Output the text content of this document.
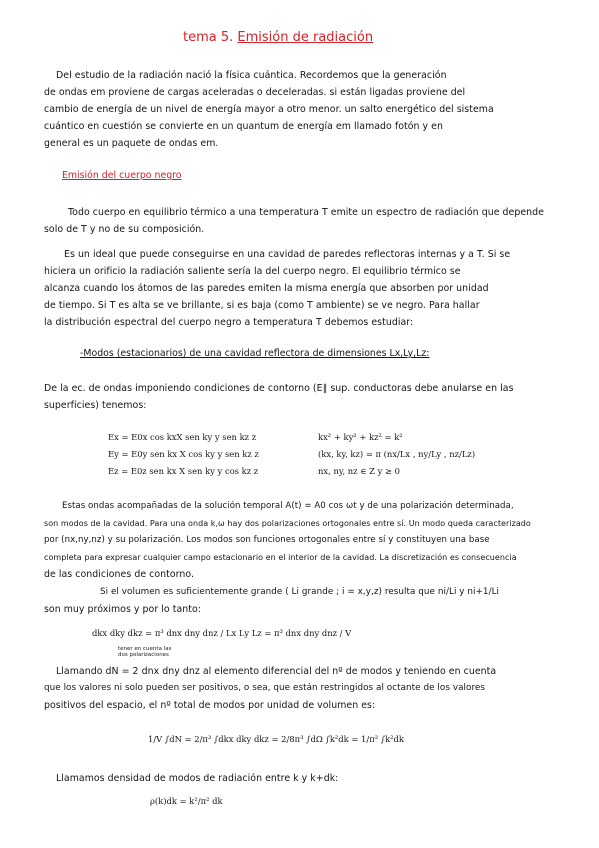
tema 5. Emisión de radiación
Del estudio de la radiación nació la física cuántica. Recordemos que la generación
de ondas em proviene de cargas aceleradas o deceleradas. si están ligadas proviene del
cambio de energía de un nivel de energía mayor a otro menor. un salto energético del sistema
cuántico en cuestión se convierte en un quantum de energía em llamado fotón y en
general es un paquete de ondas em.
Emisión del cuerpo negro
Todo cuerpo en equilibrio térmico a una temperatura T emite un espectro de radiación que depende
solo de T y no de su composición.
Es un ideal que puede conseguirse en una cavidad de paredes reflectoras internas y a T. Si se
hiciera un orificio la radiación saliente sería la del cuerpo negro. El equilibrio térmico se
alcanza cuando los átomos de las paredes emiten la misma energía que absorben por unidad
de tiempo. Si T es alta se ve brillante, si es baja (como T ambiente) se ve negro. Para hallar
la distribución espectral del cuerpo negro a temperatura T debemos estudiar:
-Modos (estacionarios) de una cavidad reflectora de dimensiones Lx,Ly,Lz:
De la ec. de ondas imponiendo condiciones de contorno (E∥ sup. conductoras debe anularse en las
superficies) tenemos:
Ex = E0x cos kxX sen ky y sen kz z
Ey = E0y sen kx X cos ky y sen kz z
Ez = E0z sen kx X sen ky y cos kz z
kx² + ky² + kz² = k²
(kx, ky, kz) = π (nx/Lx , ny/Ly , nz/Lz)
nx, ny, nz ∈ Z y ≥ 0
Estas ondas acompañadas de la solución temporal A(t) = A0 cos ωt y de una polarización determinada,
son modos de la cavidad. Para una onda k,ω hay dos polarizaciones ortogonales entre sí. Un modo queda caracterizado
por (nx,ny,nz) y su polarización. Los modos son funciones ortogonales entre sí y constituyen una base
completa para expresar cualquier campo estacionario en el interior de la cavidad. La discretización es consecuencia
de las condiciones de contorno.
Si el volumen es suficientemente grande ( Li grande ; i = x,y,z) resulta que ni/Li y ni+1/Li
son muy próximos y por lo tanto:
dkx dky dkz = π³ dnx dny dnz / Lx Ly Lz = π³ dnx dny dnz / V
tener en cuenta las
dos polarizaciones
Llamando dN = 2 dnx dny dnz al elemento diferencial del nº de modos y teniendo en cuenta
que los valores ni solo pueden ser positivos, o sea, que están restringidos al octante de los valores
positivos del espacio, el nº total de modos por unidad de volumen es:
1/V ∫dN = 2/π³ ∫dkx dky dkz = 2/8π³ ∫dΩ ∫k²dk = 1/π² ∫k²dk
Llamamos densidad de modos de radiación entre k y k+dk:
ρ(k)dk = k²/π² dk
